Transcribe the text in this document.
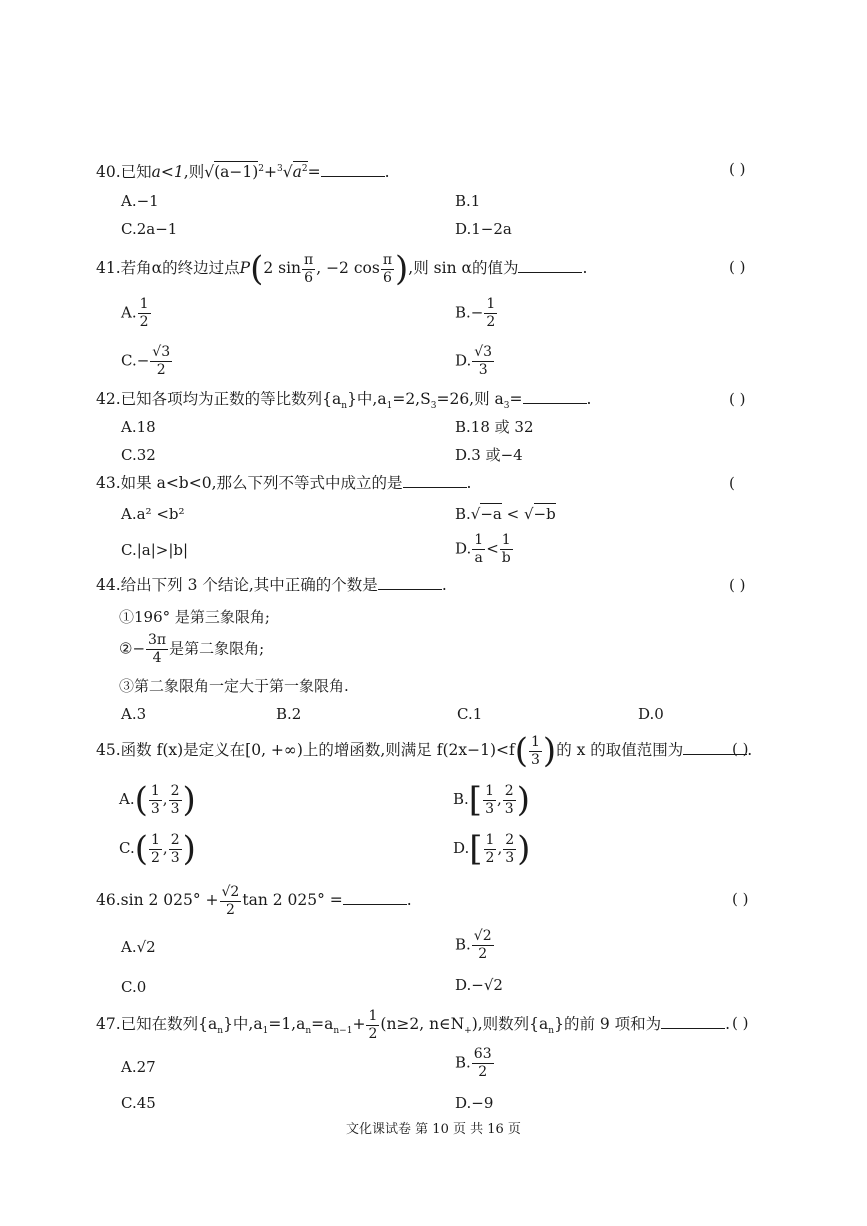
40.已知a<1,则$√(a-1)^2+^3√a^2=$	.	( )
A.−1	B.1
C.2a−1	D.1−2a
41.若角α的终边过点P(2 $\sin \frac{\pi}{6}$ , −2 $\cos \frac{\pi}{6}$ ),则 sin α的值为	.	( )
A. $\frac{1}{2}$	$B.- \frac{1}{2}$
$C.- \frac{√3}{2}$	D. $\frac{√3}{3}$
42.已知各项均为正数的等比数列$\{a_n\}$中$,a_1=2,S_3=26$,则 $a_3=$	.	( )
A.18	B.18 或 32
C.32	D.3 或−4
43.如果 a<b<0,那么下列不等式中成立的是	.	(
A.a² <b²	B.√−a < √−b
C.|a|>|b|	D. $\frac{1}{a} < \frac{1}{b}$
44.给出下列 3 个结论,其中正确的个数是	.	( )
①196° 是第三象限角;
②− $\frac{3\pi}{4}$ 是第二象限角;
③第二象限角一定大于第一象限角.
A.3	B.2	C.1	D.0
45.函数 f(x)是定义在[0, +∞)上的增函数,则满足 $f(2x-1)<f( \frac{1}{3}$ )的 x 的取值范围为	.
( )
$A.( \frac{1}{3}$ , $\frac{2}{3}$ )	$B.[ \frac{1}{3}$ , $\frac{2}{3}$ )
$C.( \frac{1}{2}$ , $\frac{2}{3}$ )	$D.[ \frac{1}{2}$ , $\frac{2}{3}$ )
46.sin 2 $025^\circ + \frac{√2}{2}$ tan 2 025° =	.	( )
A.√2	B. $\frac{√2}{2}$
C.0	D.−√2
47.已知在数列$\{a_n\}$中$,a_1=1,a_n=a_{n-1}+ \frac{1}{2} (n\ge 2$, $n\in N_+$),则数列$\{a_n\}$的前 9 项和为	. ( )
A.27	B. $\frac{63}{2}$
C.45	D.−9
文化课试卷 第 10 页 共 16 页
